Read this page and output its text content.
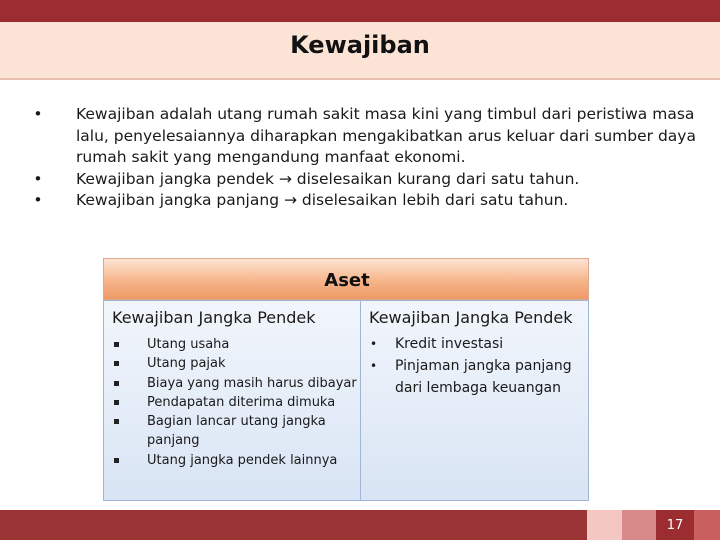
Kewajiban
•	Kewajiban adalah utang rumah sakit masa kini yang timbul dari peristiwa masa lalu, penyelesaiannya diharapkan mengakibatkan arus keluar dari sumber daya rumah sakit yang mengandung manfaat ekonomi.
•	Kewajiban jangka pendek → diselesaikan kurang dari satu tahun.
•	Kewajiban jangka panjang → diselesaikan lebih dari satu tahun.
Aset
Kewajiban Jangka Pendek
Utang usaha
Utang pajak
Biaya yang masih harus dibayar
Pendapatan diterima dimuka
Bagian lancar utang jangka panjang
Utang jangka pendek lainnya
Kewajiban Jangka Pendek
• Kredit investasi
• Pinjaman jangka panjang dari lembaga keuangan
17
